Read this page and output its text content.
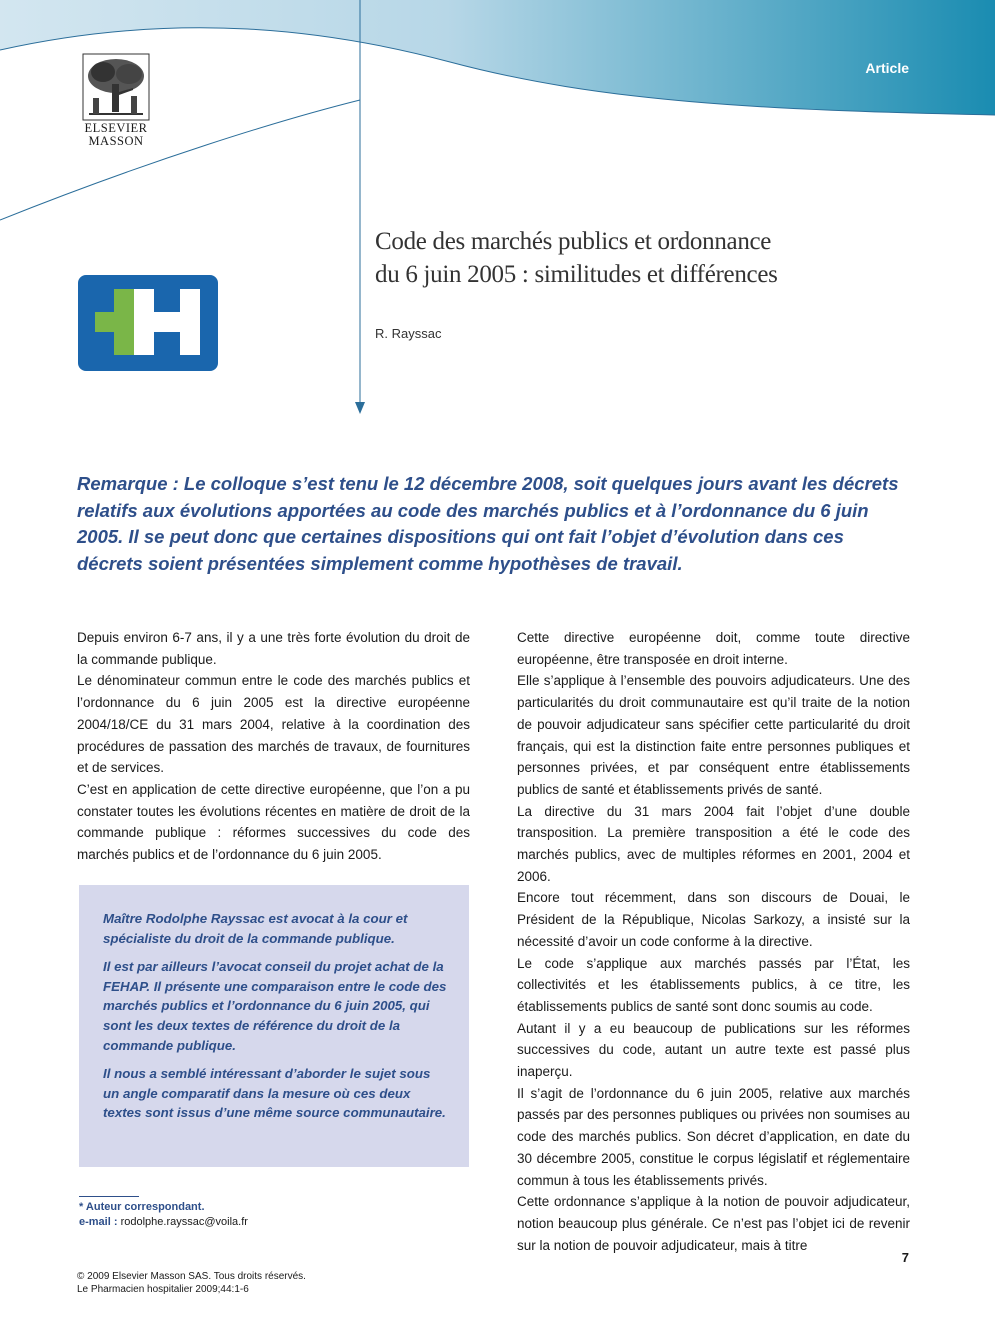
Article
ELSEVIER
MASSON
Code des marchés publics et ordonnance
du 6 juin 2005 : similitudes et différences
R. Rayssac
Remarque : Le colloque s’est tenu le 12 décembre 2008, soit quelques jours avant les décrets relatifs aux évolutions apportées au code des marchés publics et à l’ordonnance du 6 juin 2005. Il se peut donc que certaines dispositions qui ont fait l’objet d’évolution dans ces décrets soient présentées simplement comme hypothèses de travail.

Depuis environ 6-7 ans, il y a une très forte évolution du droit de la commande publique.

Le dénominateur commun entre le code des marchés publics et l’ordonnance du 6 juin 2005 est la directive européenne 2004/18/CE du 31 mars 2004, relative à la coordination des procédures de passation des marchés de travaux, de fournitures et de services.

C’est en application de cette directive européenne, que l’on a pu constater toutes les évolutions récentes en matière de droit de la commande publique : réformes successives du code des marchés publics et de l’ordonnance du 6 juin 2005.

Maître Rodolphe Rayssac est avocat à la cour et spécialiste du droit de la commande publique.

Il est par ailleurs l’avocat conseil du projet achat de la FEHAP. Il présente une comparaison entre le code des marchés publics et l’ordonnance du 6 juin 2005, qui sont les deux textes de référence du droit de la commande publique.

Il nous a semblé intéressant d’aborder le sujet sous un angle comparatif dans la mesure où ces deux textes sont issus d’une même source communautaire.

Cette directive européenne doit, comme toute directive européenne, être transposée en droit interne.

Elle s’applique à l’ensemble des pouvoirs adjudicateurs. Une des particularités du droit communautaire est qu’il traite de la notion de pouvoir adjudicateur sans spécifier cette particularité du droit français, qui est la distinction faite entre personnes publiques et personnes privées, et par conséquent entre établissements publics de santé et établissements privés de santé.

La directive du 31 mars 2004 fait l’objet d’une double transposition. La première transposition a été le code des marchés publics, avec de multiples réformes en 2001, 2004 et 2006.

Encore tout récemment, dans son discours de Douai, le Président de la République, Nicolas Sarkozy, a insisté sur la nécessité d’avoir un code conforme à la directive.

Le code s’applique aux marchés passés par l’État, les collectivités et les établissements publics, à ce titre, les établissements publics de santé sont donc soumis au code.

Autant il y a eu beaucoup de publications sur les réformes successives du code, autant un autre texte est passé plus inaperçu.

Il s’agit de l’ordonnance du 6 juin 2005, relative aux marchés passés par des personnes publiques ou privées non soumises au code des marchés publics. Son décret d’application, en date du 30 décembre 2005, constitue le corpus législatif et réglementaire commun à tous les établissements privés.

Cette ordonnance s’applique à la notion de pouvoir adjudicateur, notion beaucoup plus générale. Ce n’est pas l’objet ici de revenir sur la notion de pouvoir adjudicateur, mais à titre

* Auteur correspondant.
e-mail : rodolphe.rayssac@voila.fr
7
© 2009 Elsevier Masson SAS. Tous droits réservés.
Le Pharmacien hospitalier 2009;44:1-6
